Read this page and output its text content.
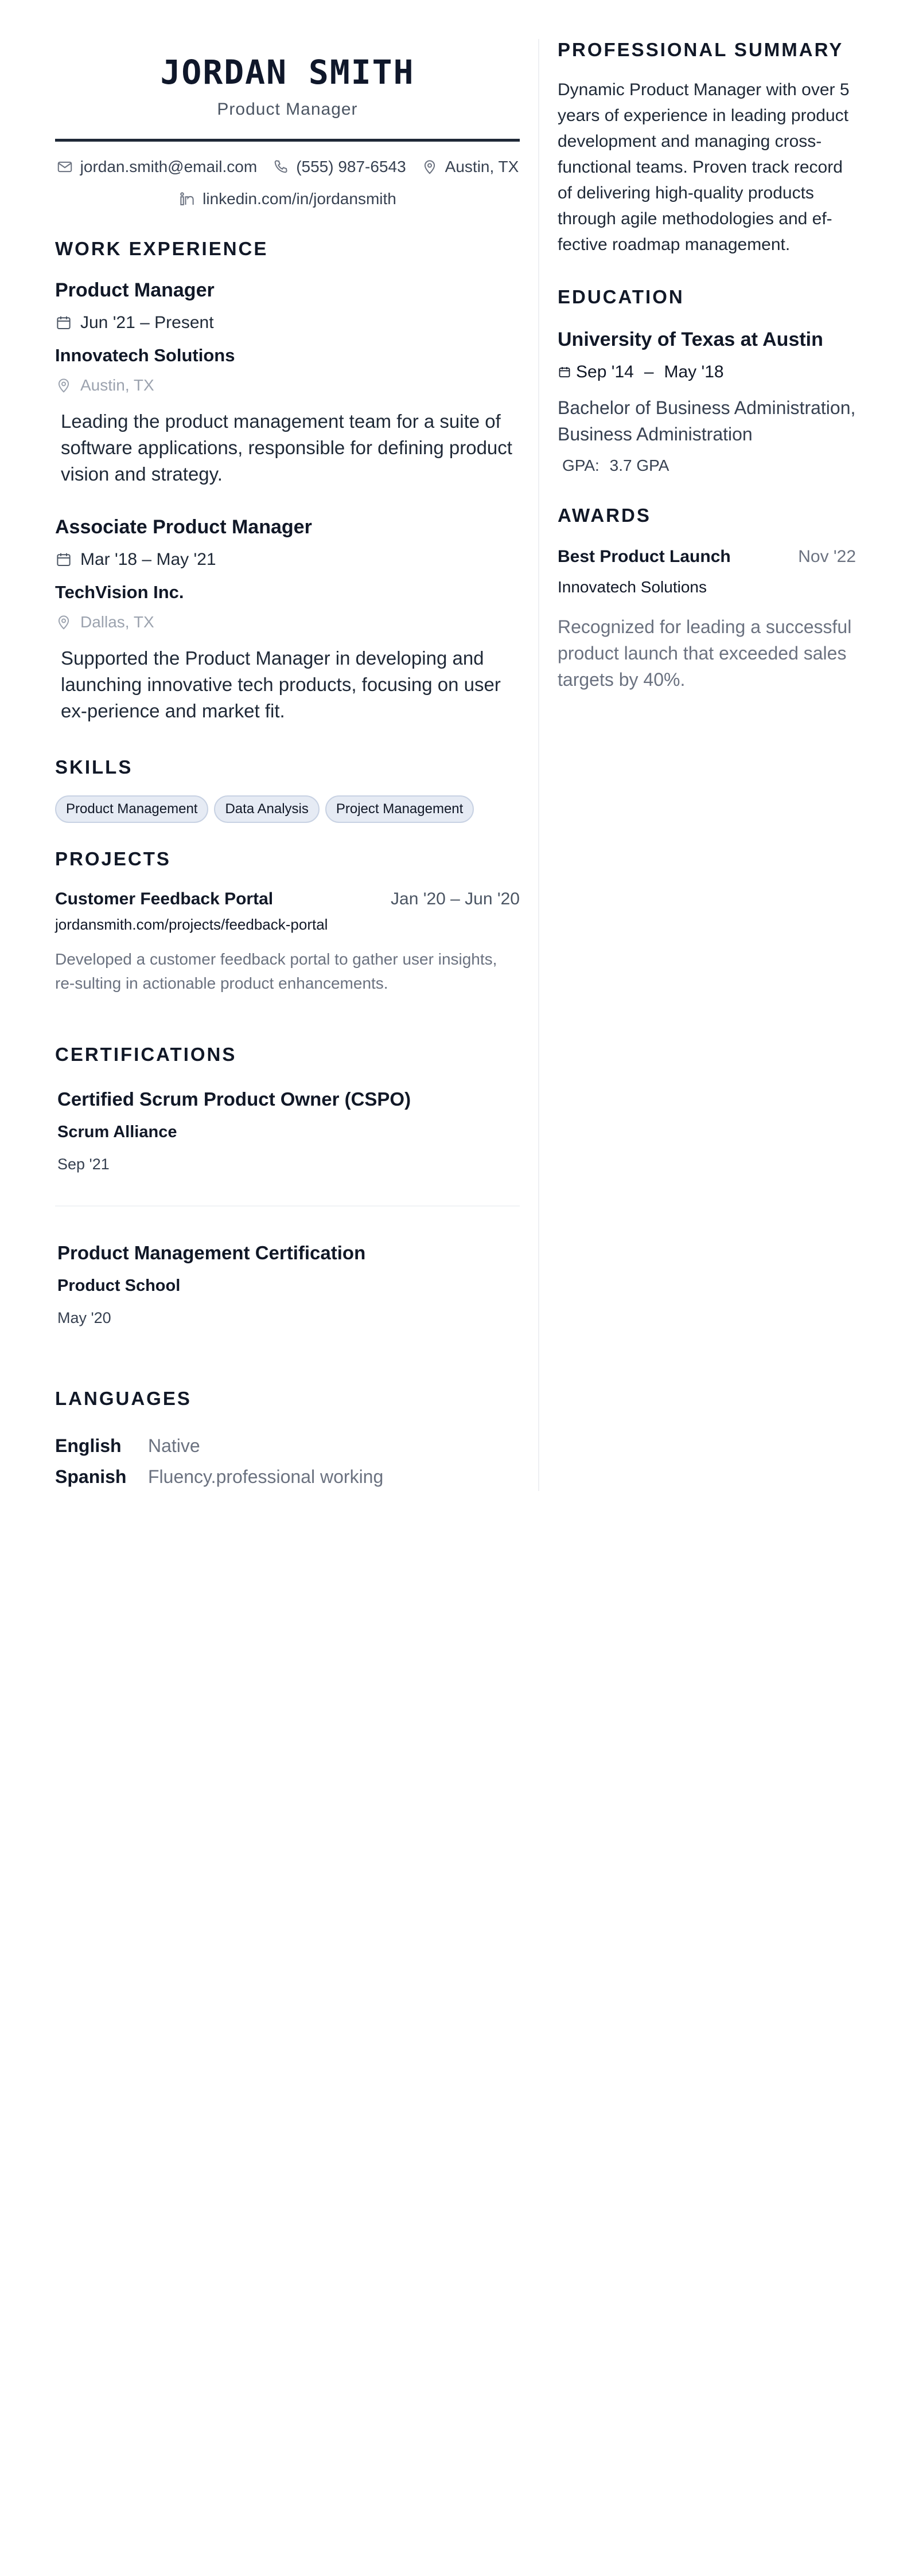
JORDAN SMITH
Product Manager
jordan.smith@email.com (555) 987-6543 Austin, TX
linkedin.com/in/jordansmith
WORK EXPERIENCE
Product Manager
Jun '21 – Present
Innovatech Solutions
Austin, TX
Leading the product management team for a suite of software applications, responsible for defining product vision and strategy.
Associate Product Manager
Mar '18 – May '21
TechVision Inc.
Dallas, TX
Supported the Product Manager in developing and launching innovative tech products, focusing on user ex-perience and market fit.
SKILLS
Product Management	Data Analysis	Project Management
PROJECTS
Customer Feedback Portal	Jan '20 – Jun '20
jordansmith.com/projects/feedback-portal
Developed a customer feedback portal to gather user insights, re-sulting in actionable product enhancements.
CERTIFICATIONS
Certified Scrum Product Owner (CSPO)
Scrum Alliance
Sep '21
Product Management Certification
Product School
May '20
LANGUAGES
English	Native
Spanish	Fluency.professional working
PROFESSIONAL SUMMARY
Dynamic Product Manager with over 5 years of experience in leading product development and managing cross-functional teams. Proven track record of delivering high-quality products through agile methodologies and ef-fective roadmap management.
EDUCATION
University of Texas at Austin
Sep '14 – May '18
Bachelor of Business Administration, Business Administration
GPA: 3.7 GPA
AWARDS
Best Product Launch	Nov '22
Innovatech Solutions
Recognized for leading a successful product launch that exceeded sales targets by 40%.
